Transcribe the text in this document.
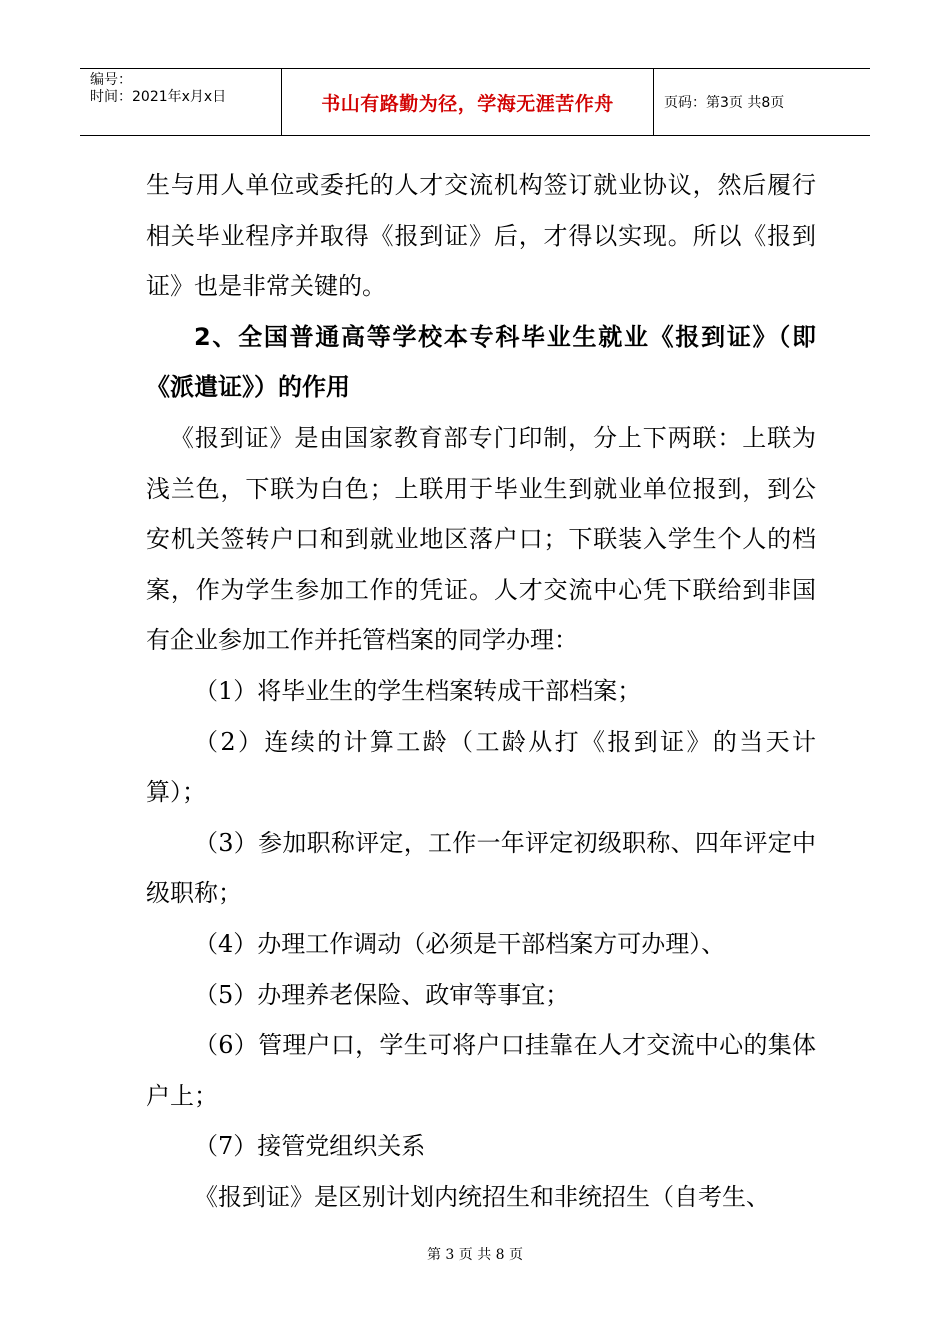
编号：
时间：2021年x月x日	书山有路勤为径，学海无涯苦作舟	页码：第3页 共8页

生与用人单位或委托的人才交流机构签订就业协议，然后履行相关毕业程序并取得《报到证》后，才得以实现。所以《报到证》也是非常关键的。

2、全国普通高等学校本专科毕业生就业《报到证》（即《派遣证》）的作用

《报到证》是由国家教育部专门印制，分上下两联：上联为浅兰色，下联为白色；上联用于毕业生到就业单位报到，到公安机关签转户口和到就业地区落户口；下联装入学生个人的档案，作为学生参加工作的凭证。人才交流中心凭下联给到非国有企业参加工作并托管档案的同学办理：

（1）将毕业生的学生档案转成干部档案；

（2）连续的计算工龄（工龄从打《报到证》的当天计算）；

（3）参加职称评定，工作一年评定初级职称、四年评定中级职称；

（4）办理工作调动（必须是干部档案方可办理）、

（5）办理养老保险、政审等事宜；

（6）管理户口，学生可将户口挂靠在人才交流中心的集体户上；

（7）接管党组织关系

《报到证》是区别计划内统招生和非统招生（自考生、

第 3 页 共 8 页
